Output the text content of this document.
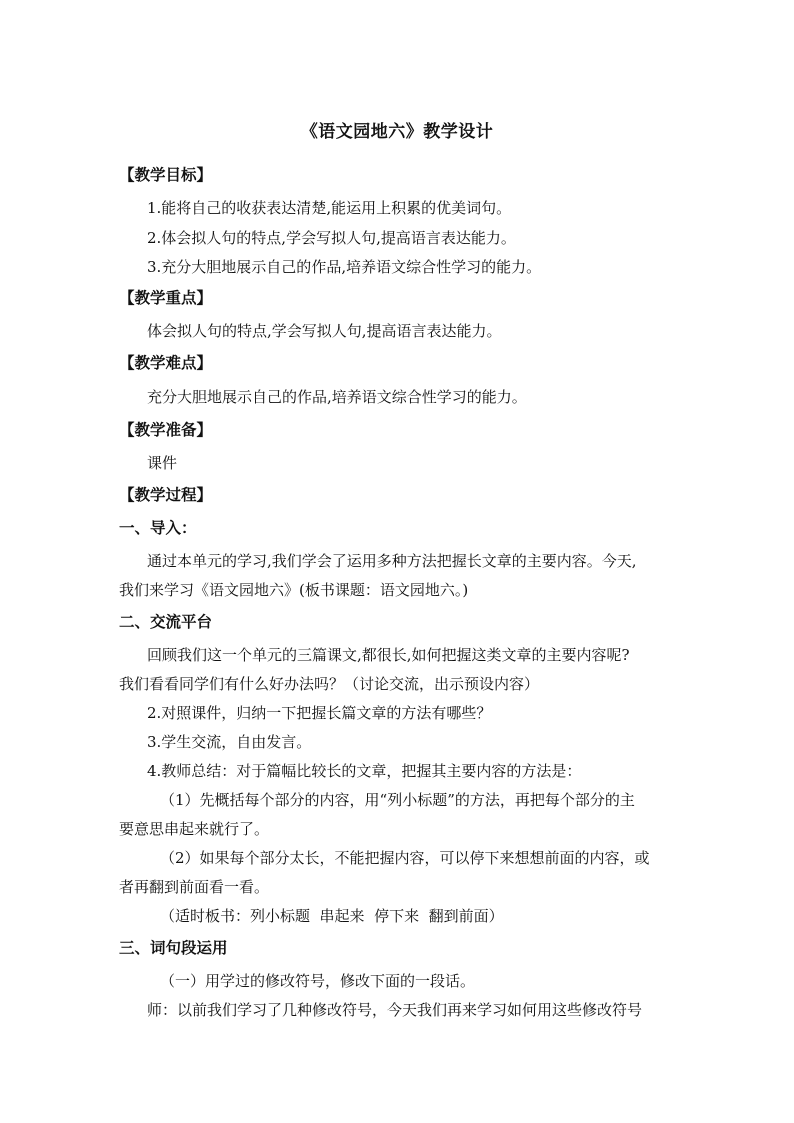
《语文园地六》教学设计
【教学目标】
1.能将自己的收获表达清楚,能运用上积累的优美词句。
2.体会拟人句的特点,学会写拟人句,提高语言表达能力。
3.充分大胆地展示自己的作品,培养语文综合性学习的能力。
【教学重点】
体会拟人句的特点,学会写拟人句,提高语言表达能力。
【教学难点】
充分大胆地展示自己的作品,培养语文综合性学习的能力。
【教学准备】
课件
【教学过程】
一、导入：
通过本单元的学习,我们学会了运用多种方法把握长文章的主要内容。今天,
我们来学习《语文园地六》(板书课题：语文园地六。)
二、交流平台
回顾我们这一个单元的三篇课文,都很长,如何把握这类文章的主要内容呢?
我们看看同学们有什么好办法吗？（讨论交流，出示预设内容）
2.对照课件，归纳一下把握长篇文章的方法有哪些？
3.学生交流，自由发言。
4.教师总结：对于篇幅比较长的文章，把握其主要内容的方法是：
（1）先概括每个部分的内容，用“列小标题”的方法，再把每个部分的主
要意思串起来就行了。
（2）如果每个部分太长，不能把握内容，可以停下来想想前面的内容，或
者再翻到前面看一看。
（适时板书：列小标题  串起来  停下来  翻到前面）
三、词句段运用
（一）用学过的修改符号，修改下面的一段话。
师：以前我们学习了几种修改符号，今天我们再来学习如何用这些修改符号
